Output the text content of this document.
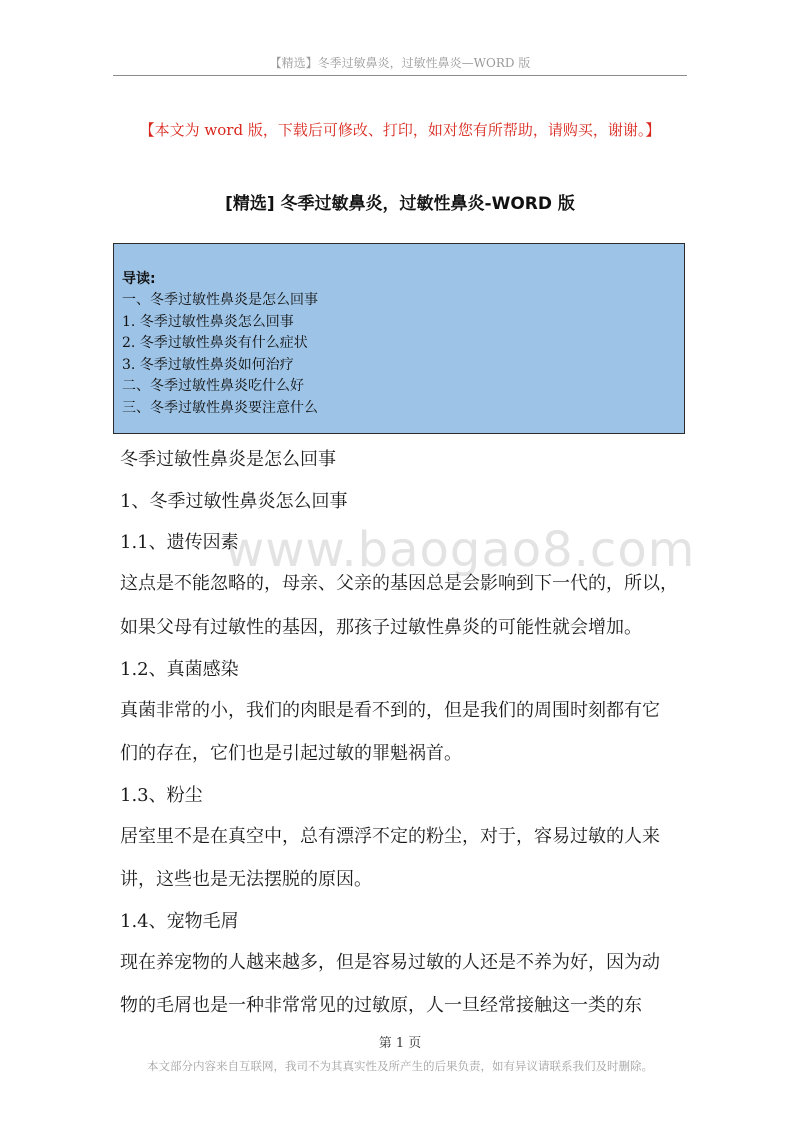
【精选】冬季过敏鼻炎，过敏性鼻炎—WORD 版
【本文为 word 版，下载后可修改、打印，如对您有所帮助，请购买，谢谢。】
[精选] 冬季过敏鼻炎，过敏性鼻炎-WORD 版
导读:
一、冬季过敏性鼻炎是怎么回事
1. 冬季过敏性鼻炎怎么回事
2. 冬季过敏性鼻炎有什么症状
3. 冬季过敏性鼻炎如何治疗
二、冬季过敏性鼻炎吃什么好
三、冬季过敏性鼻炎要注意什么
www.baogao8.com
冬季过敏性鼻炎是怎么回事
1、冬季过敏性鼻炎怎么回事
1.1、遗传因素
这点是不能忽略的，母亲、父亲的基因总是会影响到下一代的，所以，
如果父母有过敏性的基因，那孩子过敏性鼻炎的可能性就会增加。
1.2、真菌感染
真菌非常的小，我们的肉眼是看不到的，但是我们的周围时刻都有它
们的存在，它们也是引起过敏的罪魁祸首。
1.3、粉尘
居室里不是在真空中，总有漂浮不定的粉尘，对于，容易过敏的人来
讲，这些也是无法摆脱的原因。
1.4、宠物毛屑
现在养宠物的人越来越多，但是容易过敏的人还是不养为好，因为动
物的毛屑也是一种非常常见的过敏原，人一旦经常接触这一类的东
第 1 页
本文部分内容来自互联网，我司不为其真实性及所产生的后果负责，如有异议请联系我们及时删除。
